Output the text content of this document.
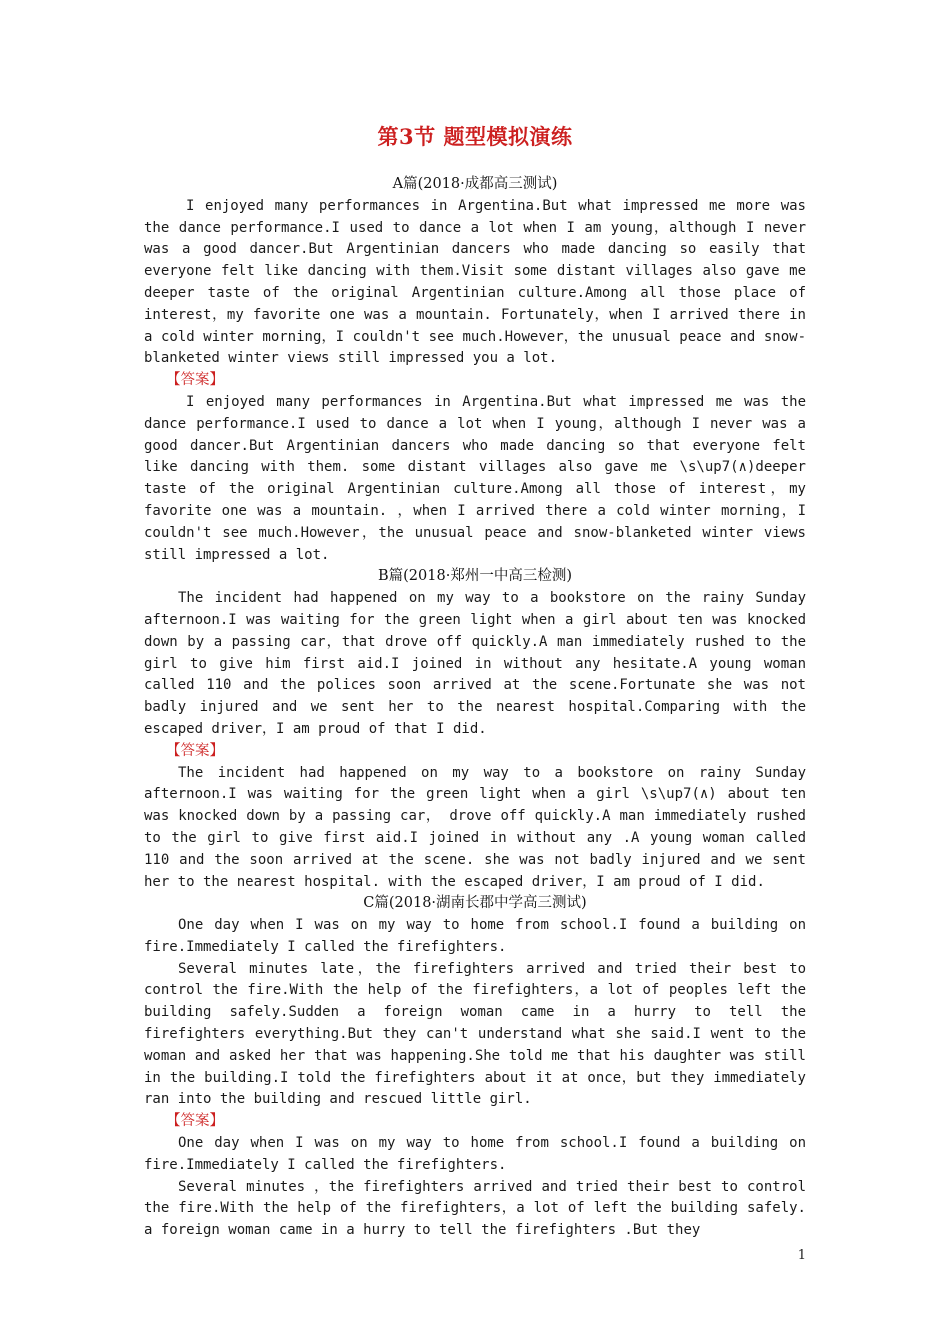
第3节 题型模拟演练
A篇(2018·成都高三测试)

I enjoyed many performances in Argentina.But what impressed me more was the dance performance.I used to dance a lot when I am young，although I never was a good dancer.But Argentinian dancers who made dancing so easily that everyone felt like dancing with them.Visit some distant villages also gave me deeper taste of the original Argentinian culture.Among all those place of interest，my favorite one was a mountain. Fortunately，when I arrived there in a cold winter morning，I couldn't see much.However，the unusual peace and snow-blanketed winter views still impressed you a lot.

【答案】

I enjoyed many performances in Argentina.But what impressed me was the dance performance.I used to dance a lot when I young，although I never was a good dancer.But Argentinian dancers who made dancing so that everyone felt like dancing with them. some distant villages also gave me \s\up7(∧)deeper taste of the original Argentinian culture.Among all those of interest，my favorite one was a mountain. ，when I arrived there a cold winter morning，I couldn't see much.However，the unusual peace and snow-blanketed winter views still impressed a lot.

B篇(2018·郑州一中高三检测)

The incident had happened on my way to a bookstore on the rainy Sunday afternoon.I was waiting for the green light when a girl about ten was knocked down by a passing car，that drove off quickly.A man immediately rushed to the girl to give him first aid.I joined in without any hesitate.A young woman called 110 and the polices soon arrived at the scene.Fortunate she was not badly injured and we sent her to the nearest hospital.Comparing with the escaped driver，I am proud of that I did.

【答案】

The incident had happened on my way to a bookstore on rainy Sunday afternoon.I was waiting for the green light when a girl \s\up7(∧) about ten was knocked down by a passing car， drove off quickly.A man immediately rushed to the girl to give first aid.I joined in without any .A young woman called 110 and the soon arrived at the scene. she was not badly injured and we sent her to the nearest hospital. with the escaped driver，I am proud of I did.

C篇(2018·湖南长郡中学高三测试)

One day when I was on my way to home from school.I found a building on fire.Immediately I called the firefighters.

Several minutes late，the firefighters arrived and tried their best to control the fire.With the help of the firefighters，a lot of peoples left the building safely.Sudden a foreign woman came in a hurry to tell the firefighters everything.But they can't understand what she said.I went to the woman and asked her that was happening.She told me that his daughter was still in the building.I told the firefighters about it at once，but they immediately ran into the building and rescued little girl.

【答案】

One day when I was on my way to home from school.I found a building on fire.Immediately I called the firefighters.

Several minutes ，the firefighters arrived and tried their best to control the fire.With the help of the firefighters，a lot of left the building safely. a foreign woman came in a hurry to tell the firefighters .But they

1
